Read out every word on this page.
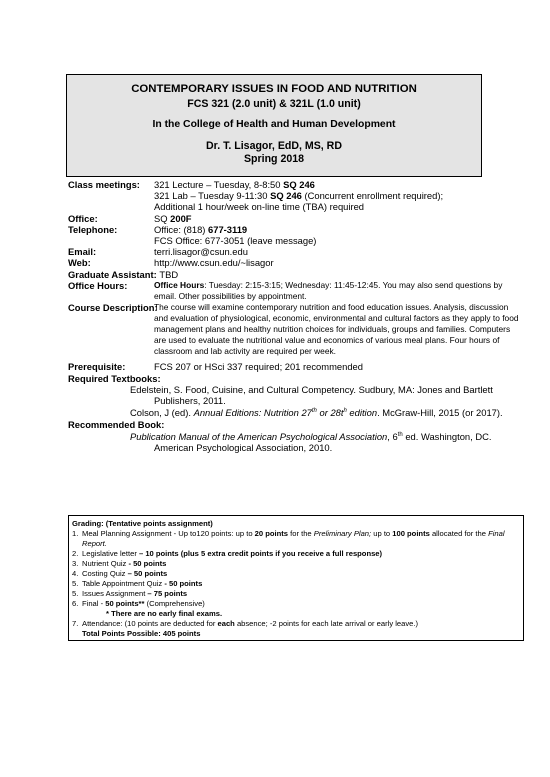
CONTEMPORARY ISSUES IN FOOD AND NUTRITION
FCS 321 (2.0 unit) & 321L (1.0 unit)
In the College of Health and Human Development
Dr. T. Lisagor, EdD, MS, RD
Spring 2018
Class meetings: 321 Lecture – Tuesday, 8-8:50 SQ 246
321 Lab – Tuesday 9-11:30 SQ 246 (Concurrent enrollment required);
Additional 1 hour/week on-line time (TBA) required
Office:	SQ 200F
Telephone:	Office: (818) 677-3119
FCS Office: 677-3051 (leave message)
Email:	terri.lisagor@csun.edu
Web:	http://www.csun.edu/~lisagor
Graduate Assistant: TBD
Office Hours:	Office Hours: Tuesday: 2:15-3:15; Wednesday: 11:45-12:45. You may also send questions by email. Other possibilities by appointment.
Course Description:
The course will examine contemporary nutrition and food education issues. Analysis, discussion and evaluation of physiological, economic, environmental and cultural factors as they apply to food management plans and healthy nutrition choices for individuals, groups and families. Computers are used to evaluate the nutritional value and economics of various meal plans. Four hours of classroom and lab activity are required per week.
Prerequisite:	FCS 207 or HSci 337 required; 201 recommended
Required Textbooks:

Edelstein, S. Food, Cuisine, and Cultural Competency. Sudbury, MA: Jones and Bartlett Publishers, 2011.

Colson, J (ed). Annual Editions: Nutrition 27th or $28t^h$ edition. McGraw-Hill, 2015 (or 2017).

Recommended Book:

Publication Manual of the American Psychological Association, 6th ed. Washington, DC. American Psychological Association, 2010.

Grading: (Tentative points assignment)
1. Meal Planning Assignment - Up to120 points: up to 20 points for the Preliminary Plan; up to 100 points allocated for the Final Report.
2. Legislative letter – 10 points (plus 5 extra credit points if you receive a full response)
3. Nutrient Quiz - 50 points
4. Costing Quiz – 50 points
5. Table Appointment Quiz - 50 points
5. Issues Assignment – 75 points
6. Final - 50 points** (Comprehensive)
* There are no early final exams.
7. Attendance: (10 points are deducted for each absence; -2 points for each late arrival or early leave.)
Total Points Possible: 405 points
